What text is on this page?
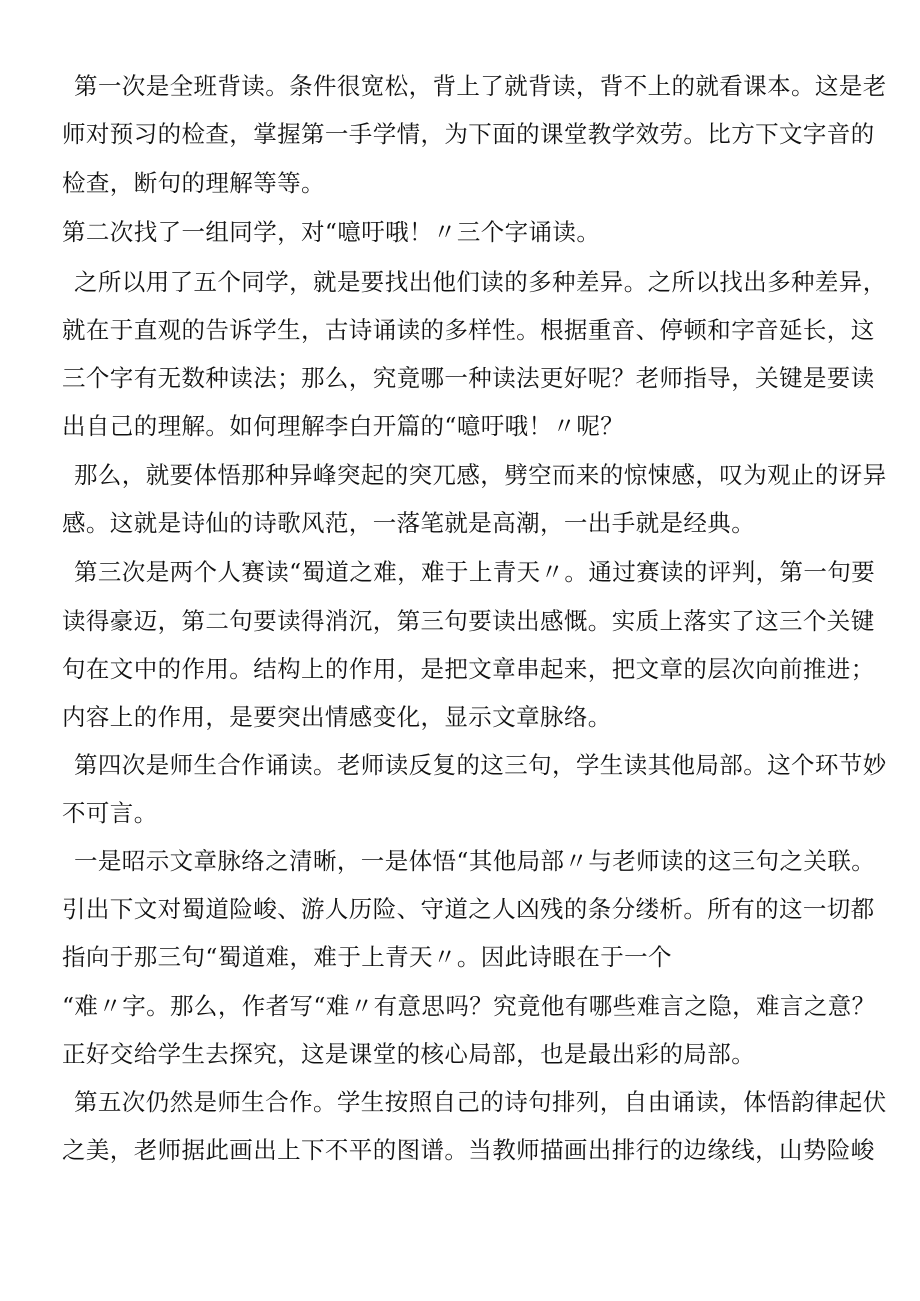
第一次是全班背读。条件很宽松，背上了就背读，背不上的就看课本。这是老
师对预习的检查，掌握第一手学情，为下面的课堂教学效劳。比方下文字音的
检查，断句的理解等等。
第二次找了一组同学，对“噫吁哦！〃三个字诵读。
之所以用了五个同学，就是要找出他们读的多种差异。之所以找出多种差异，
就在于直观的告诉学生，古诗诵读的多样性。根据重音、停顿和字音延长，这
三个字有无数种读法；那么，究竟哪一种读法更好呢？老师指导，关键是要读
出自己的理解。如何理解李白开篇的“噫吁哦！〃呢？
那么，就要体悟那种异峰突起的突兀感，劈空而来的惊悚感，叹为观止的讶异
感。这就是诗仙的诗歌风范，一落笔就是高潮，一出手就是经典。
第三次是两个人赛读“蜀道之难，难于上青天〃。通过赛读的评判，第一句要
读得豪迈，第二句要读得消沉，第三句要读出感慨。实质上落实了这三个关键
句在文中的作用。结构上的作用，是把文章串起来，把文章的层次向前推进；
内容上的作用，是要突出情感变化，显示文章脉络。
第四次是师生合作诵读。老师读反复的这三句，学生读其他局部。这个环节妙
不可言。
一是昭示文章脉络之清晰，一是体悟“其他局部〃与老师读的这三句之关联。
引出下文对蜀道险峻、游人历险、守道之人凶残的条分缕析。所有的这一切都
指向于那三句“蜀道难，难于上青天〃。因此诗眼在于一个
“难〃字。那么，作者写“难〃有意思吗？究竟他有哪些难言之隐，难言之意？
正好交给学生去探究，这是课堂的核心局部，也是最出彩的局部。
第五次仍然是师生合作。学生按照自己的诗句排列，自由诵读，体悟韵律起伏
之美，老师据此画出上下不平的图谱。当教师描画出排行的边缘线，山势险峻
